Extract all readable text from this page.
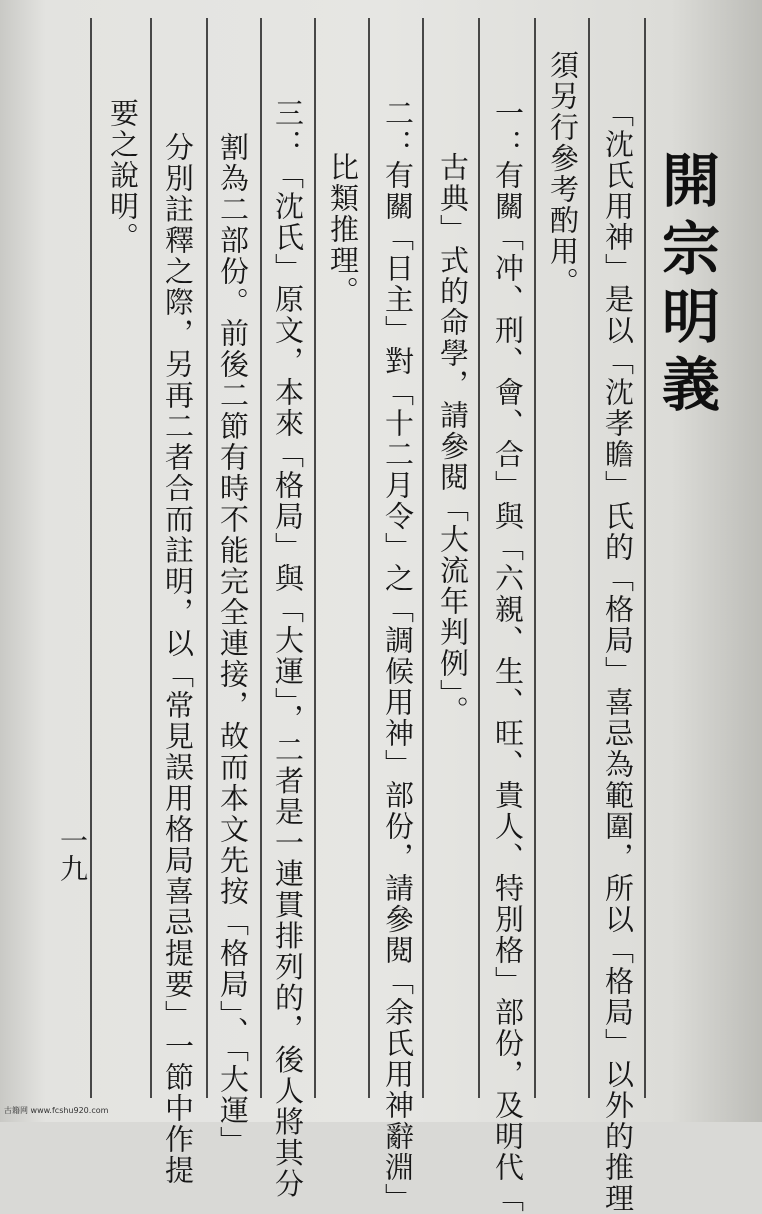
開宗明義
「沈氏用神」是以「沈孝瞻」氏的「格局」喜忌為範圍，所以「格局」以外的推理
須另行參考酌用。
一：有關「冲、刑、會、合」與「六親、生、旺、貴人、特別格」部份，及明代「
古典」式的命學，請參閱「大流年判例」。
二：有關「日主」對「十二月令」之「調候用神」部份，請參閱「余氏用神辭淵」
比類推理。
三：「沈氏」原文，本來「格局」與「大運」，二者是一連貫排列的，後人將其分
割為二部份。前後二節有時不能完全連接，故而本文先按「格局」、「大運」
分別註釋之際，另再二者合而註明，以「常見誤用格局喜忌提要」一節中作提
要之說明。
一九
古籍网 www.fcshu920.com
